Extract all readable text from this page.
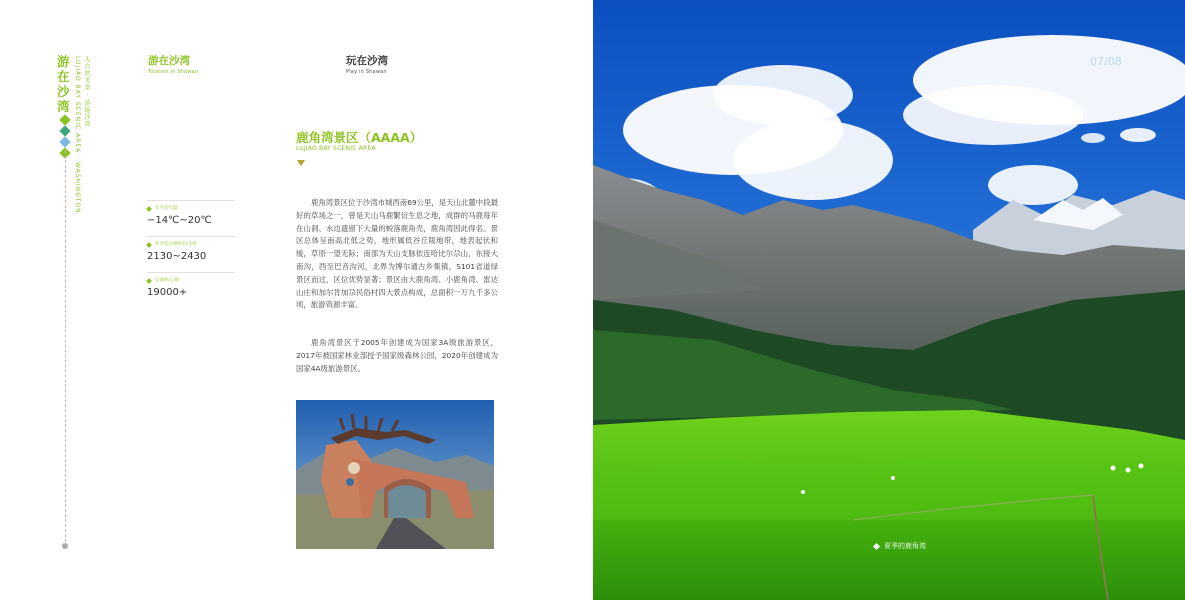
游在沙湾 LUJIAO BAY SCENIC AREA · WASHINGTON 大自然美景 · 游遍沙湾	游在沙湾
Tourism in Shawan
玩在沙湾
Play in Shawan
年平均气温
−14℃~20℃
年平均日照时长/小时
2130~2430
总面积/公顷
19000+
鹿角湾景区（AAAA）
LUJIAO BAY SCENIC AREA

鹿角湾景区位于沙湾市城西南69公里，是天山北麓中段最好的草场之一，曾是天山马鹿繁衍生息之地，成群的马鹿每年在山洞、水边遗留下大量的蜕落鹿角壳，鹿角湾因此得名。景区总体呈南高北低之势，地形属低谷丘陵地带，地表起伏和缓，草原一望无际；南部为天山支脉依连哈比尔尕山，东接大南沟，西至巴音沟河，北界为博尔通古乡集镇，S101省道绿景区而过，区位优势显著；景区由大鹿角湾、小鹿角湾、雷达山庄和加尔肯加尕民俗村四大景点构成，总面积一万九千多公顷，旅游资源丰富。

鹿角湾景区于2005年创建成为国家3A级旅游景区，2017年被国家林业部授予国家级森林公园，2020年创建成为国家4A级旅游景区。

07/08
夏季的鹿角湾
